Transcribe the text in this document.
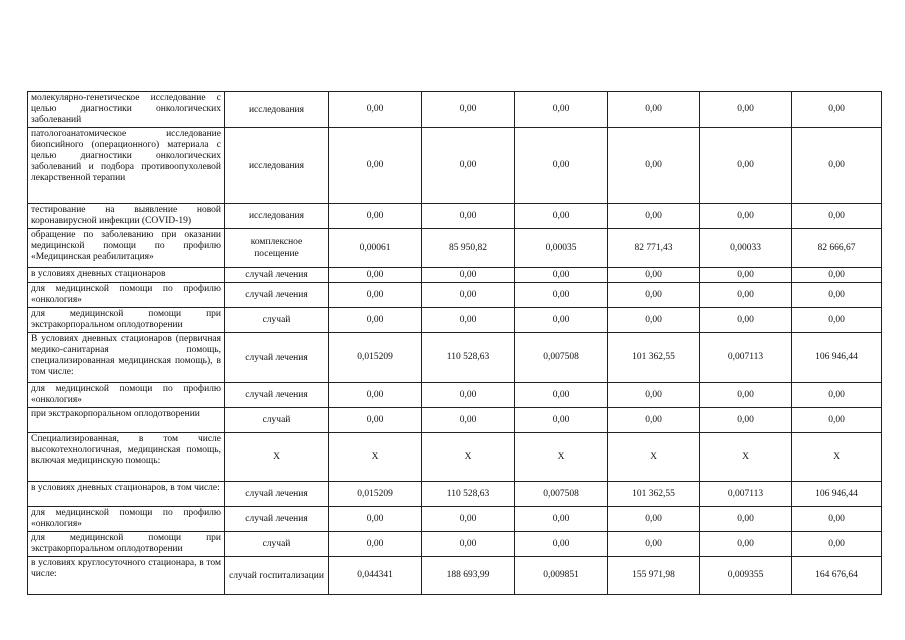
молекулярно-генетическое исследование с целью диагностики онкологических заболеваний	исследования	0,00	0,00	0,00	0,00	0,00	0,00
патологоанатомическое исследование биопсийного (операционного) материала с целью диагностики онкологических заболеваний и подбора противоопухолевой лекарственной терапии	исследования	0,00	0,00	0,00	0,00	0,00	0,00
тестирование на выявление новой коронавирусной инфекции (COVID-19)	исследования	0,00	0,00	0,00	0,00	0,00	0,00
обращение по заболеванию при оказании медицинской помощи по профилю «Медицинская реабилитация»	комплексное посещение	0,00061	85 950,82	0,00035	82 771,43	0,00033	82 666,67
в условиях дневных стационаров	случай лечения	0,00	0,00	0,00	0,00	0,00	0,00
для медицинской помощи по профилю «онкология»	случай лечения	0,00	0,00	0,00	0,00	0,00	0,00
для медицинской помощи при экстракорпоральном оплодотворении	случай	0,00	0,00	0,00	0,00	0,00	0,00
В условиях дневных стационаров (первичная медико-санитарная помощь, специализированная медицинская помощь), в том числе:	случай лечения	0,015209	110 528,63	0,007508	101 362,55	0,007113	106 946,44
для медицинской помощи по профилю «онкология»	случай лечения	0,00	0,00	0,00	0,00	0,00	0,00
при экстракорпоральном оплодотворении	случай	0,00	0,00	0,00	0,00	0,00	0,00
Специализированная, в том числе высокотехнологичная, медицинская помощь, включая медицинскую помощь:	Х	Х	Х	Х	Х	Х	Х
в условиях дневных стационаров, в том числе:	случай лечения	0,015209	110 528,63	0,007508	101 362,55	0,007113	106 946,44
для медицинской помощи по профилю «онкология»	случай лечения	0,00	0,00	0,00	0,00	0,00	0,00
для медицинской помощи при экстракорпоральном оплодотворении	случай	0,00	0,00	0,00	0,00	0,00	0,00
в условиях круглосуточного стационара, в том числе:	случай госпитализации	0,044341	188 693,99	0,009851	155 971,98	0,009355	164 676,64
